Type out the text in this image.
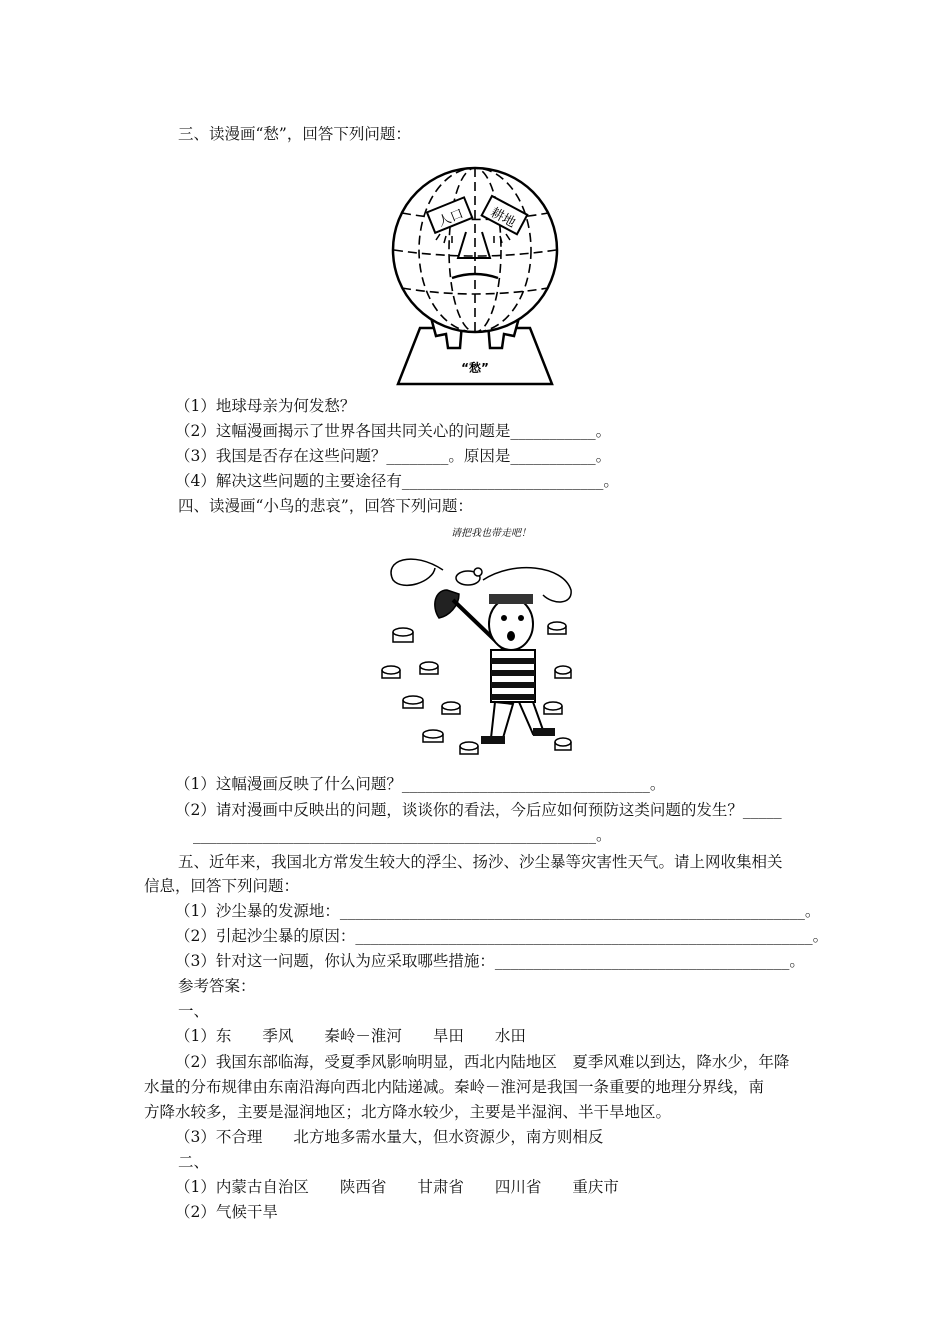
三、读漫画“愁”，回答下列问题：
人口 耕地
“愁”
（1）地球母亲为何发愁？
（2）这幅漫画揭示了世界各国共同关心的问题是___________。
（3）我国是否存在这些问题？________。原因是___________。
（4）解决这些问题的主要途径有__________________________。
四、读漫画“小鸟的悲哀”，回答下列问题：
请把我也带走吧！
（1）这幅漫画反映了什么问题？________________________________。
（2）请对漫画中反映出的问题，谈谈你的看法，今后应如何预防这类问题的发生？_____
____________________________________________________。
五、近年来，我国北方常发生较大的浮尘、扬沙、沙尘暴等灾害性天气。请上网收集相关
信息，回答下列问题：
（1）沙尘暴的发源地：____________________________________________________________。
（2）引起沙尘暴的原因：___________________________________________________________。
（3）针对这一问题，你认为应采取哪些措施：______________________________________。
参考答案：
一、
（1）东　　季风　　秦岭－淮河　　旱田　　水田
（2）我国东部临海，受夏季风影响明显，西北内陆地区　夏季风难以到达，降水少，年降
水量的分布规律由东南沿海向西北内陆递减。秦岭－淮河是我国一条重要的地理分界线，南
方降水较多，主要是湿润地区；北方降水较少，主要是半湿润、半干旱地区。
（3）不合理　　北方地多需水量大，但水资源少，南方则相反
二、
（1）内蒙古自治区　　陕西省　　甘肃省　　四川省　　重庆市
（2）气候干旱
